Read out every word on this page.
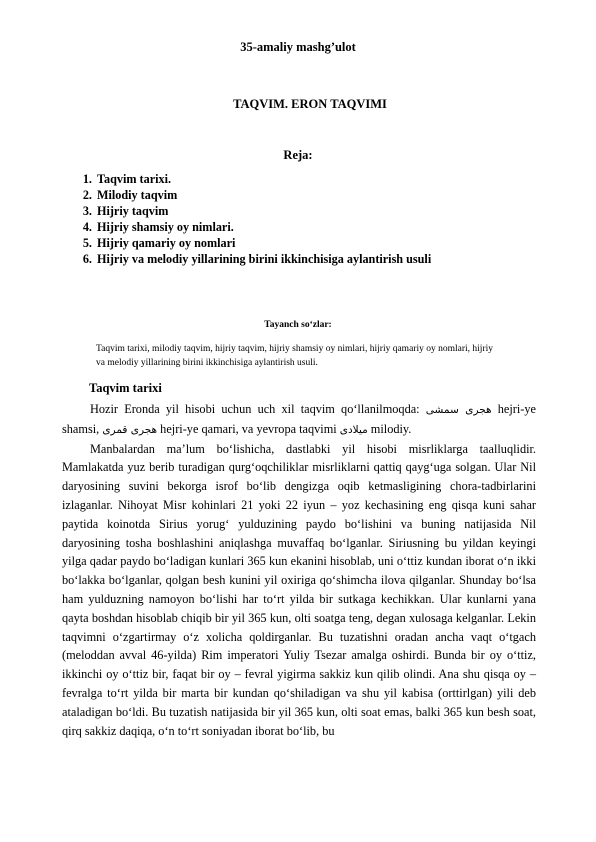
35-amaliy mashg’ulot
TAQVIM. ERON TAQVIMI
Reja:
1. Taqvim tarixi.
2. Milodiy taqvim
3. Hijriy taqvim
4. Hijriy shamsiy oy nimlari.
5. Hijriy qamariy oy nomlari
6. Hijriy va melodiy yillarining birini ikkinchisiga aylantirish usuli
Tayanch so‘zlar:
Taqvim tarixi, milodiy taqvim, hijriy taqvim, hijriy shamsiy oy nimlari, hijriy qamariy oy nomlari, hijriy va melodiy yillarining birini ikkinchisiga aylantirish usuli.
Taqvim tarixi

Hozir Eronda yil hisobi uchun uch xil taqvim qo‘llanilmoqda: هجری سمشی hejri-ye shamsi, هجری قمری hejri-ye qamari, va yevropa taqvimi میلادی milodiy.

Manbalardan ma’lum bo‘lishicha, dastlabki yil hisobi misrliklarga taalluqlidir. Mamlakatda yuz berib turadigan qurg‘oqchiliklar misrliklarni qattiq qayg‘uga solgan. Ular Nil daryosining suvini bekorga isrof bo‘lib dengizga oqib ketmasligining chora-tadbirlarini izlaganlar. Nihoyat Misr kohinlari 21 yoki 22 iyun – yoz kechasining eng qisqa kuni sahar paytida koinotda Sirius yorug‘ yulduzining paydo bo‘lishini va buning natijasida Nil daryosining tosha boshlashini aniqlashga muvaffaq bo‘lganlar. Siriusning bu yildan keyingi yilga qadar paydo bo‘ladigan kunlari 365 kun ekanini hisoblab, uni o‘ttiz kundan iborat o‘n ikki bo‘lakka bo‘lganlar, qolgan besh kunini yil oxiriga qo‘shimcha ilova qilganlar. Shunday bo‘lsa ham yulduzning namoyon bo‘lishi har to‘rt yilda bir sutkaga kechikkan. Ular kunlarni yana qayta boshdan hisoblab chiqib bir yil 365 kun, olti soatga teng, degan xulosaga kelganlar. Lekin taqvimni o‘zgartirmay o‘z xolicha qoldirganlar. Bu tuzatishni oradan ancha vaqt o‘tgach (meloddan avval 46-yilda) Rim imperatori Yuliy Tsezar amalga oshirdi. Bunda bir oy o‘ttiz, ikkinchi oy o‘ttiz bir, faqat bir oy – fevral yigirma sakkiz kun qilib olindi. Ana shu qisqa oy – fevralga to‘rt yilda bir marta bir kundan qo‘shiladigan va shu yil kabisa (orttirlgan) yili deb ataladigan bo‘ldi. Bu tuzatish natijasida bir yil 365 kun, olti soat emas, balki 365 kun besh soat, qirq sakkiz daqiqa, o‘n to‘rt soniyadan iborat bo‘lib, bu
